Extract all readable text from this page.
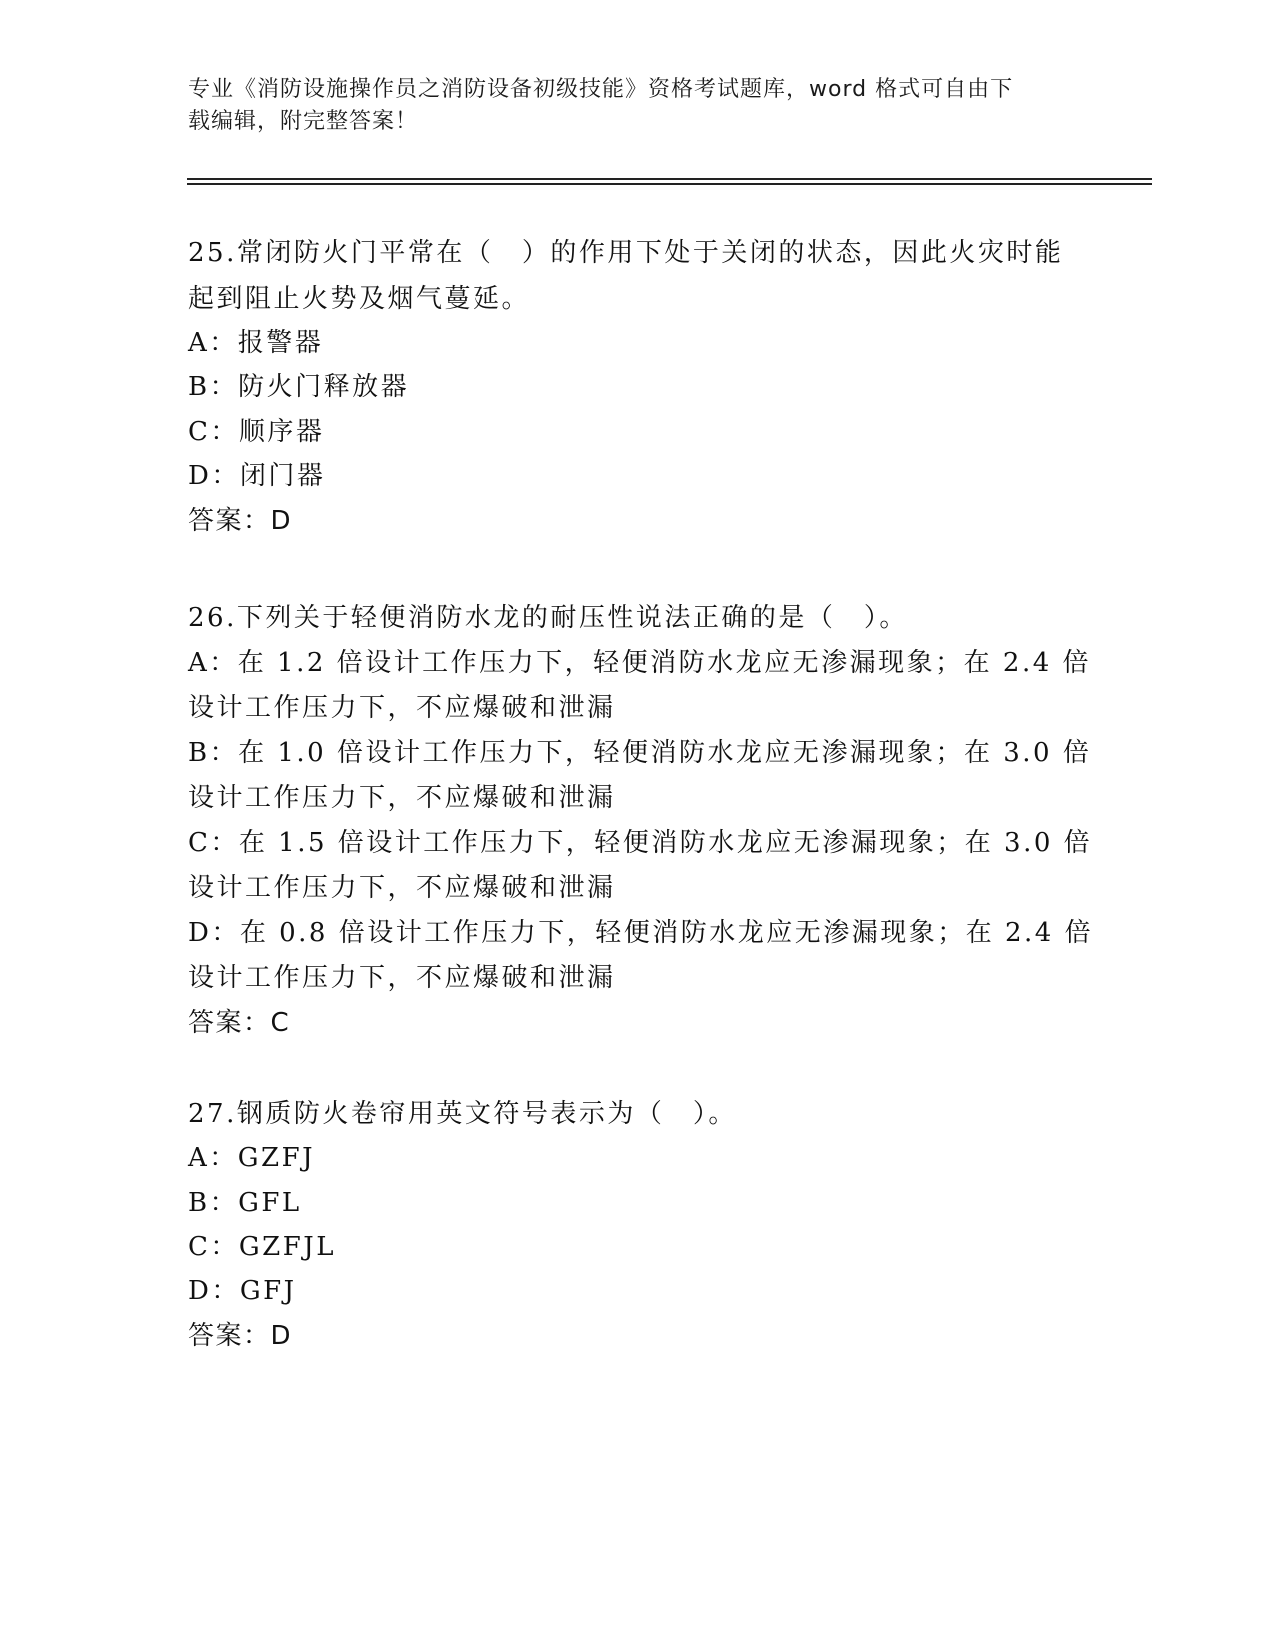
专业《消防设施操作员之消防设备初级技能》资格考试题库，word 格式可自由下
载编辑，附完整答案！
25.常闭防火门平常在（　）的作用下处于关闭的状态，因此火灾时能
起到阻止火势及烟气蔓延。
A：报警器
B：防火门释放器
C：顺序器
D：闭门器
答案：D
26.下列关于轻便消防水龙的耐压性说法正确的是（　）。
A：在 1.2 倍设计工作压力下，轻便消防水龙应无渗漏现象；在 2.4 倍
设计工作压力下，不应爆破和泄漏
B：在 1.0 倍设计工作压力下，轻便消防水龙应无渗漏现象；在 3.0 倍
设计工作压力下，不应爆破和泄漏
C：在 1.5 倍设计工作压力下，轻便消防水龙应无渗漏现象；在 3.0 倍
设计工作压力下，不应爆破和泄漏
D：在 0.8 倍设计工作压力下，轻便消防水龙应无渗漏现象；在 2.4 倍
设计工作压力下，不应爆破和泄漏
答案：C
27.钢质防火卷帘用英文符号表示为（　）。
A：GZFJ
B：GFL
C：GZFJL
D：GFJ
答案：D
